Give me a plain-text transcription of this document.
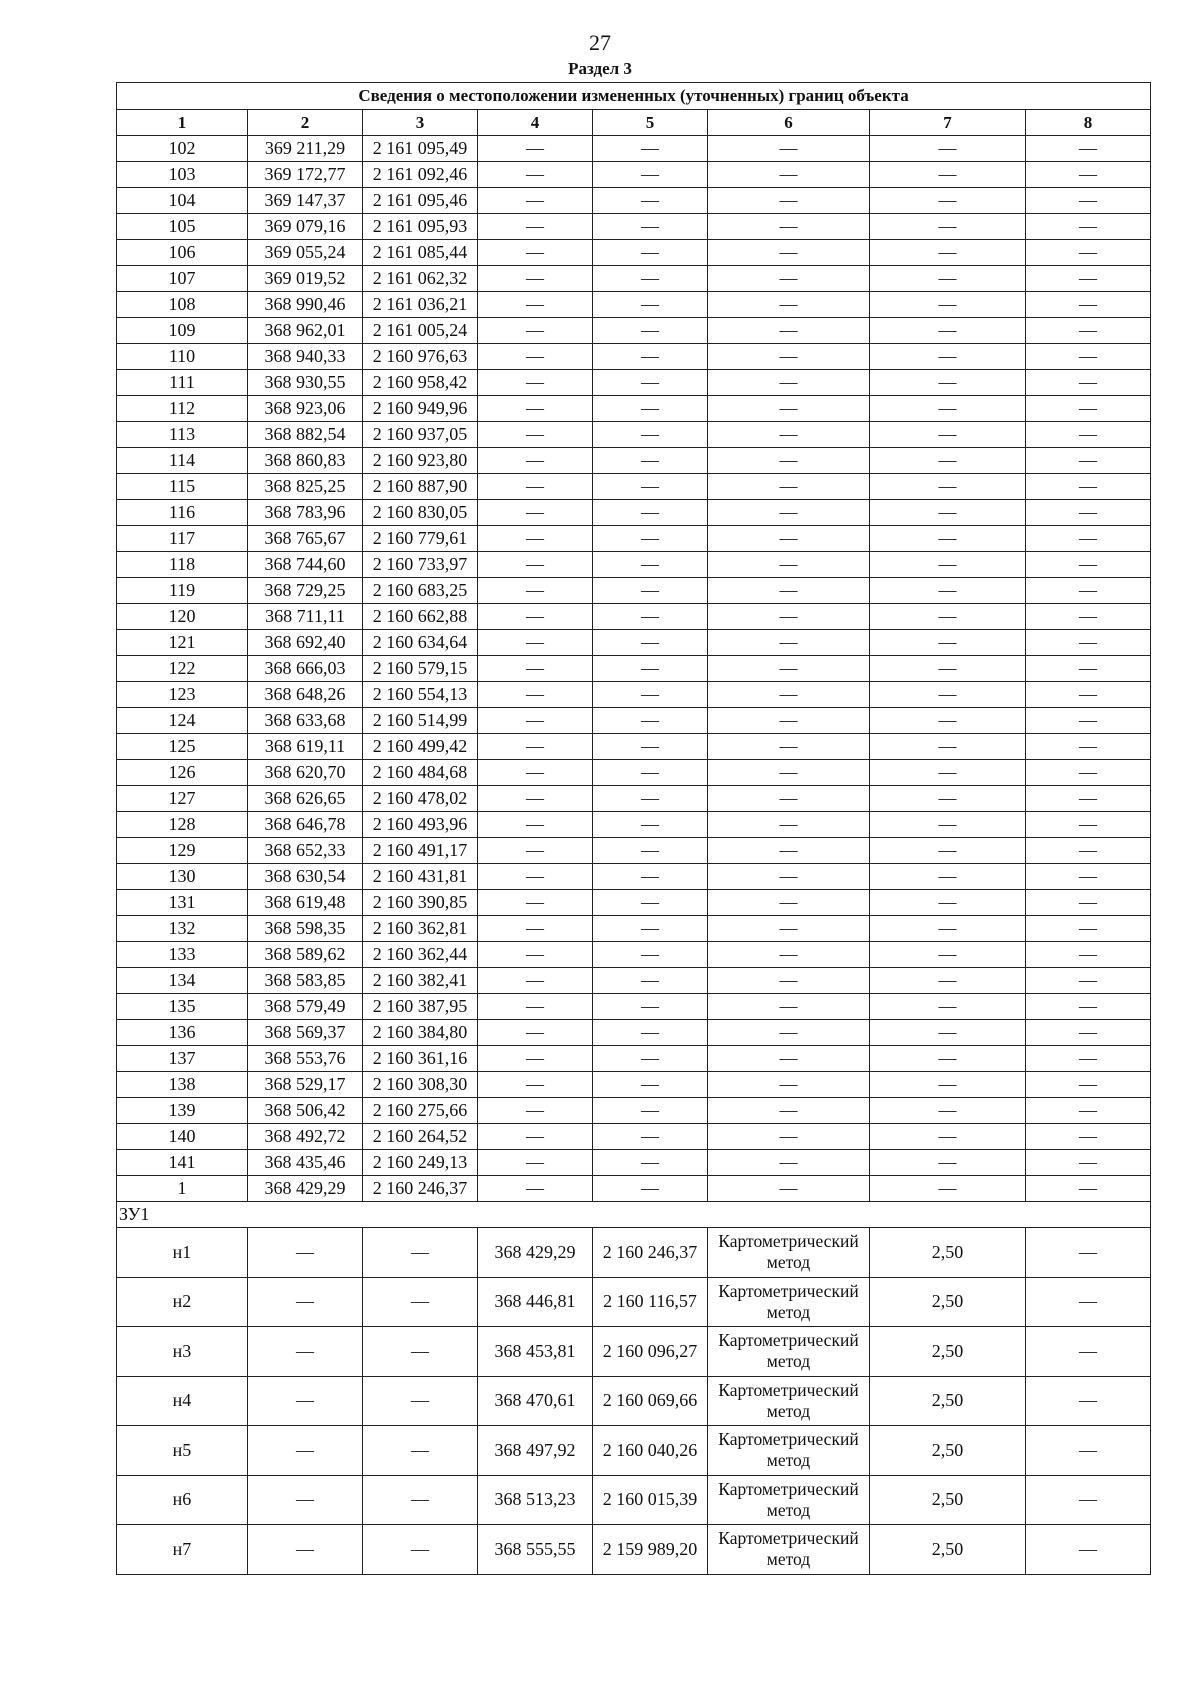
27
Раздел 3
Сведения о местоположении измененных (уточненных) границ объекта							
1	2	3	4	5	6	7	8
102	369 211,29	2 161 095,49	—	—	—	—	—
103	369 172,77	2 161 092,46	—	—	—	—	—
104	369 147,37	2 161 095,46	—	—	—	—	—
105	369 079,16	2 161 095,93	—	—	—	—	—
106	369 055,24	2 161 085,44	—	—	—	—	—
107	369 019,52	2 161 062,32	—	—	—	—	—
108	368 990,46	2 161 036,21	—	—	—	—	—
109	368 962,01	2 161 005,24	—	—	—	—	—
110	368 940,33	2 160 976,63	—	—	—	—	—
111	368 930,55	2 160 958,42	—	—	—	—	—
112	368 923,06	2 160 949,96	—	—	—	—	—
113	368 882,54	2 160 937,05	—	—	—	—	—
114	368 860,83	2 160 923,80	—	—	—	—	—
115	368 825,25	2 160 887,90	—	—	—	—	—
116	368 783,96	2 160 830,05	—	—	—	—	—
117	368 765,67	2 160 779,61	—	—	—	—	—
118	368 744,60	2 160 733,97	—	—	—	—	—
119	368 729,25	2 160 683,25	—	—	—	—	—
120	368 711,11	2 160 662,88	—	—	—	—	—
121	368 692,40	2 160 634,64	—	—	—	—	—
122	368 666,03	2 160 579,15	—	—	—	—	—
123	368 648,26	2 160 554,13	—	—	—	—	—
124	368 633,68	2 160 514,99	—	—	—	—	—
125	368 619,11	2 160 499,42	—	—	—	—	—
126	368 620,70	2 160 484,68	—	—	—	—	—
127	368 626,65	2 160 478,02	—	—	—	—	—
128	368 646,78	2 160 493,96	—	—	—	—	—
129	368 652,33	2 160 491,17	—	—	—	—	—
130	368 630,54	2 160 431,81	—	—	—	—	—
131	368 619,48	2 160 390,85	—	—	—	—	—
132	368 598,35	2 160 362,81	—	—	—	—	—
133	368 589,62	2 160 362,44	—	—	—	—	—
134	368 583,85	2 160 382,41	—	—	—	—	—
135	368 579,49	2 160 387,95	—	—	—	—	—
136	368 569,37	2 160 384,80	—	—	—	—	—
137	368 553,76	2 160 361,16	—	—	—	—	—
138	368 529,17	2 160 308,30	—	—	—	—	—
139	368 506,42	2 160 275,66	—	—	—	—	—
140	368 492,72	2 160 264,52	—	—	—	—	—
141	368 435,46	2 160 249,13	—	—	—	—	—
1	368 429,29	2 160 246,37	—	—	—	—	—
ЗУ1							
н1	—	—	368 429,29	2 160 246,37	Картометрический метод	2,50	—
н2	—	—	368 446,81	2 160 116,57	Картометрический метод	2,50	—
н3	—	—	368 453,81	2 160 096,27	Картометрический метод	2,50	—
н4	—	—	368 470,61	2 160 069,66	Картометрический метод	2,50	—
н5	—	—	368 497,92	2 160 040,26	Картометрический метод	2,50	—
н6	—	—	368 513,23	2 160 015,39	Картометрический метод	2,50	—
н7	—	—	368 555,55	2 159 989,20	Картометрический метод	2,50	—
